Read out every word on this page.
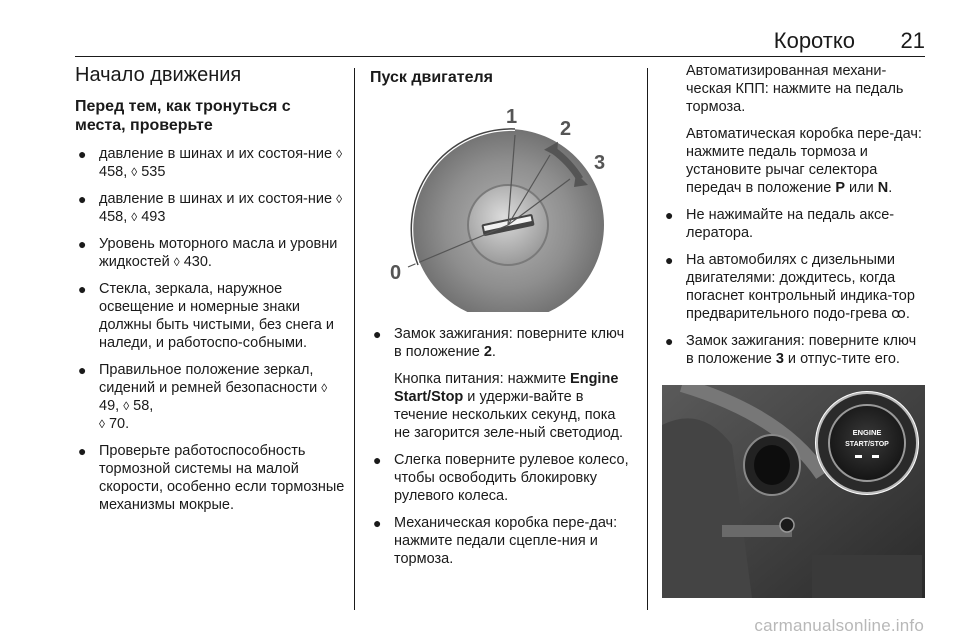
Коротко 21
Начало движения
Перед тем, как тронуться с места, проверьте
● давление в шинах и их состоя-ние ◊ 458, ◊ 535
● давление в шинах и их состоя-ние ◊ 458, ◊ 493
● Уровень моторного масла и уровни жидкостей ◊ 430.
● Стекла, зеркала, наружное освещение и номерные знаки должны быть чистыми, без снега и наледи, и работоспо-собными.
● Правильное положение зеркал, сидений и ремней безопасности ◊ 49, ◊ 58,
◊ 70.
● Проверьте работоспособность тормозной системы на малой скорости, особенно если тормозные механизмы мокрые.
Пуск двигателя
0
1
2
3
● Замок зажигания: поверните ключ в положение 2.

Кнопка питания: нажмите Engine Start/Stop и удержи-вайте в течение нескольких секунд, пока не загорится зеле-ный светодиод.

● Слегка поверните рулевое колесо, чтобы освободить блокировку рулевого колеса.
● Механическая коробка пере-дач: нажмите педали сцепле-ния и тормоза.

Автоматизированная механи-ческая КПП: нажмите на педаль тормоза.

Автоматическая коробка пере-дач: нажмите педаль тормоза и установите рычаг селектора передач в положение P или N.

● Не нажимайте на педаль аксе-лератора.
● На автомобилях с дизельными двигателями: дождитесь, когда погаснет контрольный индика-тор предварительного подо-грева ꝏ.
● Замок зажигания: поверните ключ в положение 3 и отпус-тите его.
ENGINE
START/STOP
carmanualsonline.info
